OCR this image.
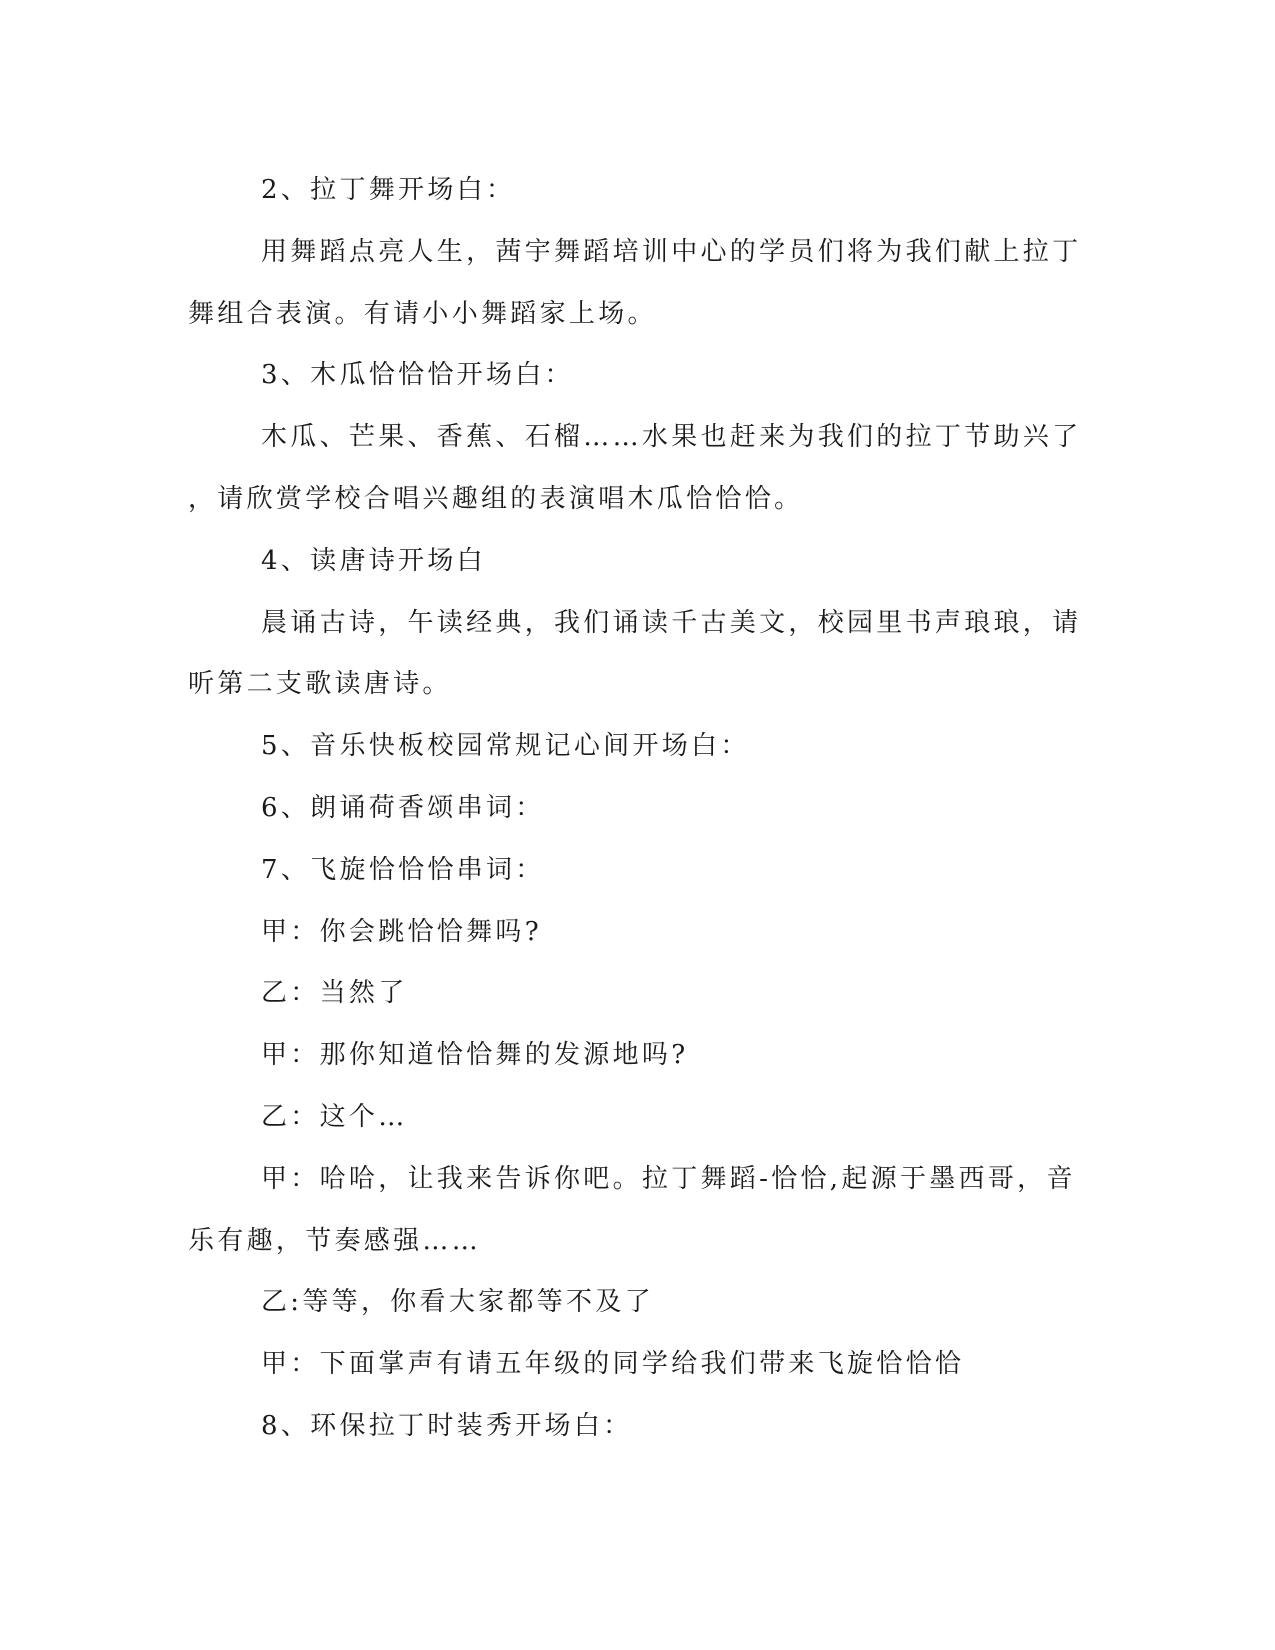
2、拉丁舞开场白：
用舞蹈点亮人生，茜宇舞蹈培训中心的学员们将为我们献上拉丁
舞组合表演。有请小小舞蹈家上场。
3、木瓜恰恰恰开场白：
木瓜、芒果、香蕉、石榴……水果也赶来为我们的拉丁节助兴了
，请欣赏学校合唱兴趣组的表演唱木瓜恰恰恰。
4、读唐诗开场白
晨诵古诗，午读经典，我们诵读千古美文，校园里书声琅琅，请
听第二支歌读唐诗。
5、音乐快板校园常规记心间开场白：
6、朗诵荷香颂串词：
7、飞旋恰恰恰串词：
甲：你会跳恰恰舞吗?
乙：当然了
甲：那你知道恰恰舞的发源地吗?
乙：这个…
甲：哈哈，让我来告诉你吧。拉丁舞蹈-恰恰,起源于墨西哥，音
乐有趣，节奏感强……
乙:等等，你看大家都等不及了
甲：下面掌声有请五年级的同学给我们带来飞旋恰恰恰
8、环保拉丁时装秀开场白：
